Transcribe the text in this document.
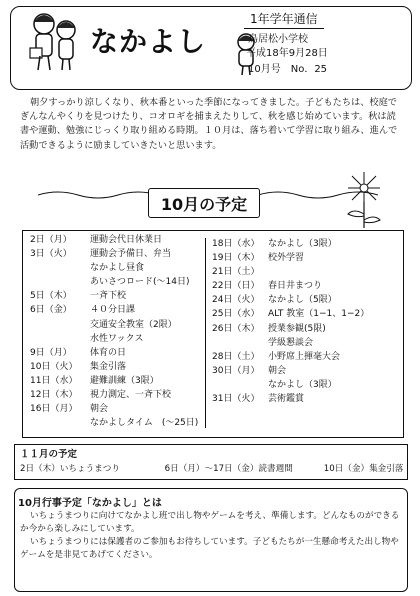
なかよし
1年学年通信
鳥居松小学校
平成18年9月28日
10月号　No．25
朝夕すっかり涼しくなり、秋本番といった季節になってきました。子どもたちは、校庭でぎんなんやくりを見つけたり、コオロギを捕まえたりして、秋を感じ始めています。秋は読書や運動、勉強にじっくり取り組める時期。１０月は、落ち着いて学習に取り組み、進んで活動できるように励ましていきたいと思います。
10月の予定
2日（月）	運動会代日休業日
3日（火）	運動会予備日、弁当
なかよし昼食
あいさつロード(〜14日)
5日（木）	一斉下校
6日（金）	４０分日課
交通安全教室（2限）
水性ワックス
9日（月）	体育の日
10日（火）	集金引落
11日（水）	避難訓練（3限）
12日（木）	視力測定、一斉下校
16日（月）	朝会
なかよしタイム　(〜25日)
18日（水） なかよし（3限）
19日（木） 校外学習
21日（土）
22日（日） 春日井まつり
24日（火） なかよし（5限）
25日（水） ALT 教室（1−1、1−2）
26日（木） 授業参観(5限)
学級懇談会
28日（土） 小野席上揮毫大会
30日（月） 朝会
なかよし（3限）
31日（火） 芸術鑑賞
１１月の予定
2日（木）いちょうまつり	6日（月）〜17日（金）読書週間	10日（金）集金引落
10月行事予定「なかよし」とは
いちょうまつりに向けてなかよし班で出し物やゲームを考え、準備します。どんなものができるか今から楽しみにしています。
いちょうまつりには保護者のご参加もお待ちしています。子どもたちが一生懸命考えた出し物やゲームを是非見てあげてください。
